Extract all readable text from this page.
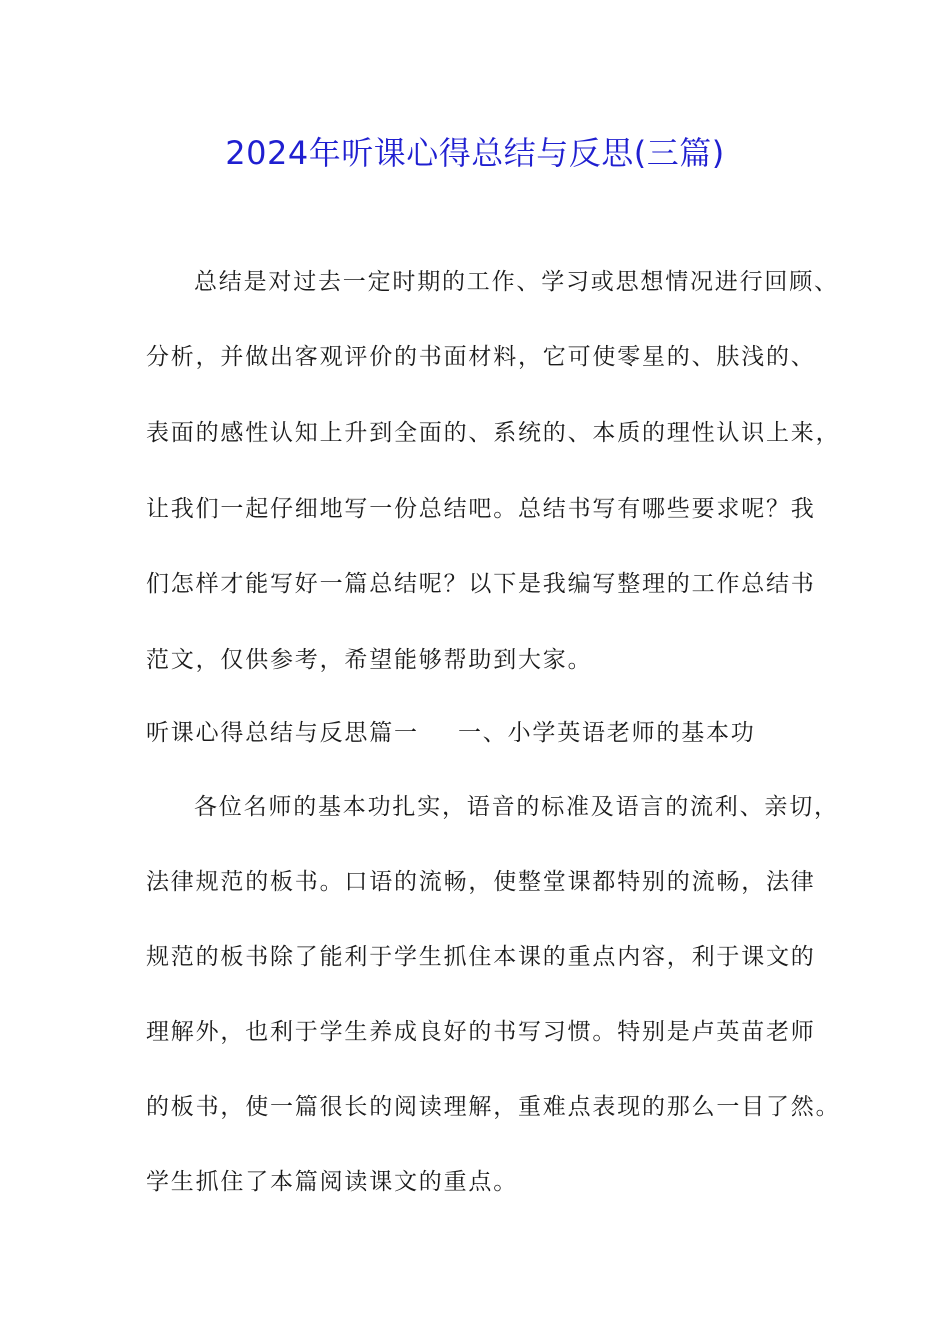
2024年听课心得总结与反思(三篇)
总结是对过去一定时期的工作、学习或思想情况进行回顾、
分析，并做出客观评价的书面材料，它可使零星的、肤浅的、
表面的感性认知上升到全面的、系统的、本质的理性认识上来，
让我们一起仔细地写一份总结吧。总结书写有哪些要求呢？我
们怎样才能写好一篇总结呢？以下是我编写整理的工作总结书
范文，仅供参考，希望能够帮助到大家。
听课心得总结与反思篇一 一、小学英语老师的基本功
各位名师的基本功扎实，语音的标准及语言的流利、亲切，
法律规范的板书。口语的流畅，使整堂课都特别的流畅，法律
规范的板书除了能利于学生抓住本课的重点内容，利于课文的
理解外，也利于学生养成良好的书写习惯。特别是卢英苗老师
的板书，使一篇很长的阅读理解，重难点表现的那么一目了然。
学生抓住了本篇阅读课文的重点。
